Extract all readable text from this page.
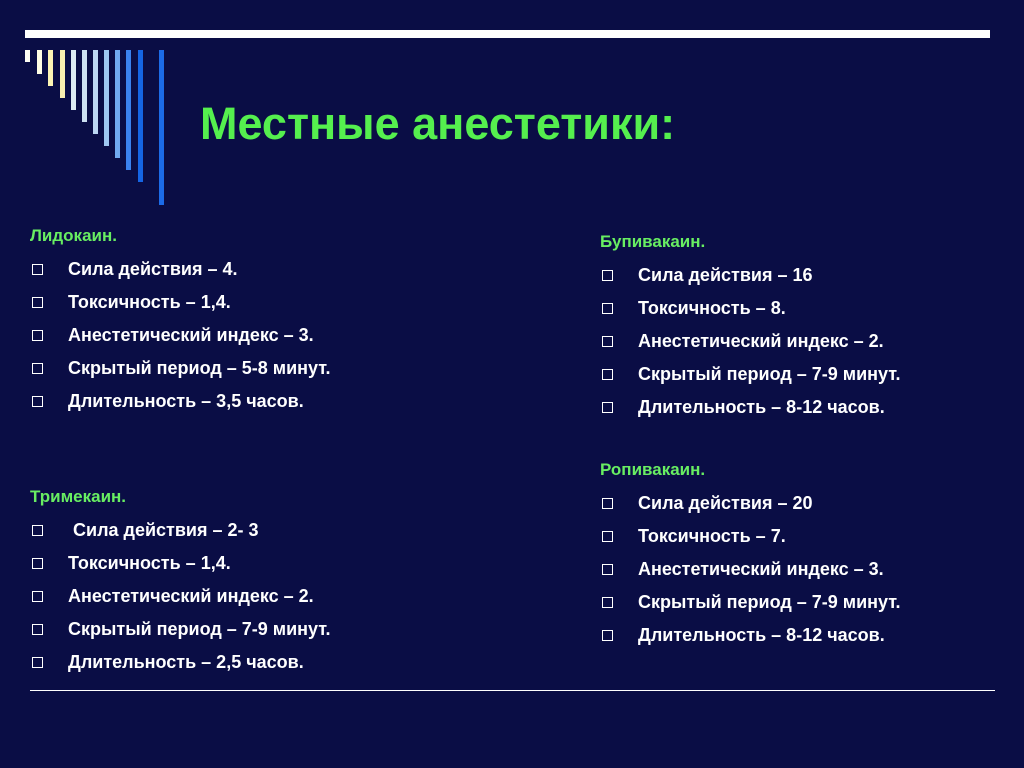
Местные анестетики:
Лидокаин.
Сила действия – 4.
Токсичность – 1,4.
Анестетический индекс – 3.
Скрытый период – 5-8 минут.
Длительность – 3,5 часов.
Тримекаин.
Сила действия – 2- 3
Токсичность – 1,4.
Анестетический индекс – 2.
Скрытый период – 7-9 минут.
Длительность – 2,5 часов.
Бупивакаин.
Сила действия – 16
Токсичность – 8.
Анестетический индекс – 2.
Скрытый период – 7-9 минут.
Длительность – 8-12 часов.
Ропивакаин.
Сила действия – 20
Токсичность – 7.
Анестетический индекс – 3.
Скрытый период – 7-9 минут.
Длительность – 8-12 часов.
